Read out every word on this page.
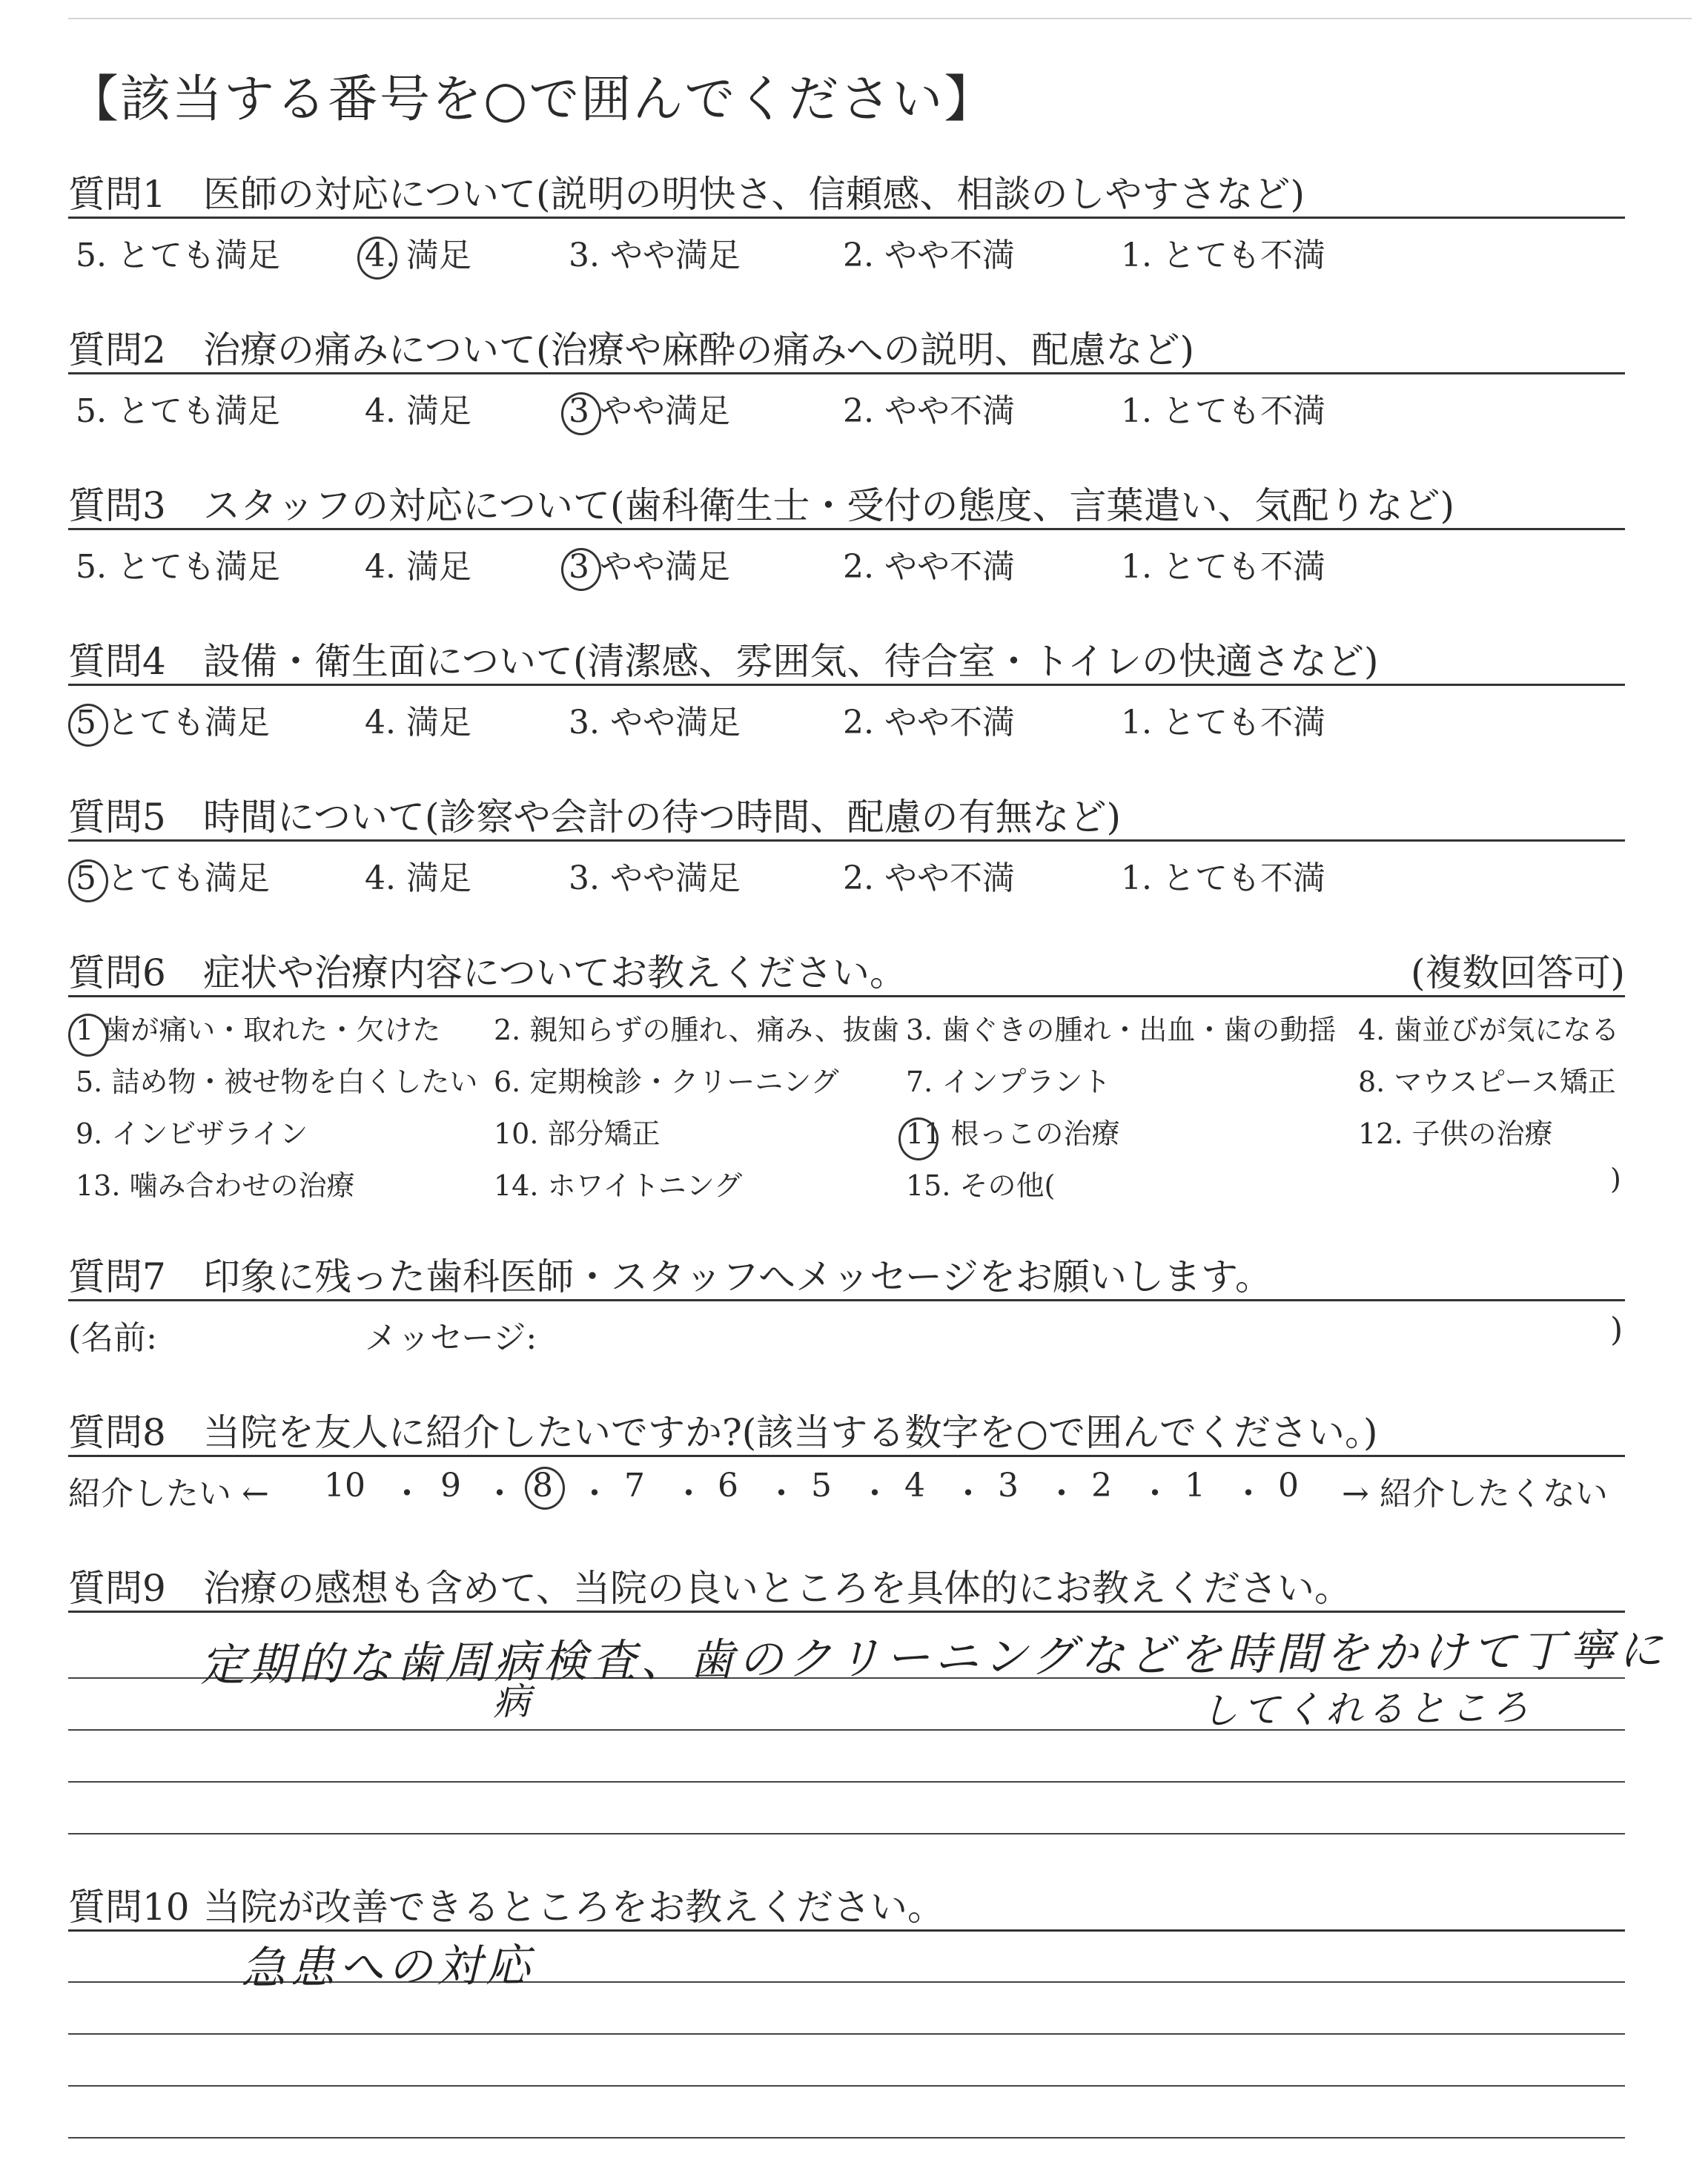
【該当する番号を○で囲んでください】
質問1 医師の対応について(説明の明快さ、信頼感、相談のしやすさなど)
5. とても満足	4. 満足	3. やや満足	2. やや不満	1. とても不満
質問2 治療の痛みについて(治療や麻酔の痛みへの説明、配慮など)
5. とても満足	4. 満足	3 やや満足	2. やや不満	1. とても不満
質問3 スタッフの対応について(歯科衛生士・受付の態度、言葉遣い、気配りなど)
5. とても満足	4. 満足	3 やや満足	2. やや不満	1. とても不満
質問4 設備・衛生面について(清潔感、雰囲気、待合室・トイレの快適さなど)
5 とても満足	4. 満足	3. やや満足	2. やや不満	1. とても不満
質問5 時間について(診察や会計の待つ時間、配慮の有無など)
5 とても満足	4. 満足	3. やや満足	2. やや不満	1. とても不満
質問6 症状や治療内容についてお教えください。	(複数回答可)
1 歯が痛い・取れた・欠けた 2. 親知らずの腫れ、痛み、抜歯 3. 歯ぐきの腫れ・出血・歯の動揺 4. 歯並びが気になる
5. 詰め物・被せ物を白くしたい 6. 定期検診・クリーニング 7. インプラント	8. マウスピース矯正
9. インビザライン	10. 部分矯正	11 根っこの治療	12. 子供の治療
13. 噛み合わせの治療	14. ホワイトニング	15. その他(	)
質問7 印象に残った歯科医師・スタッフへメッセージをお願いします。
(名前:	メッセージ:	)
質問8 当院を友人に紹介したいですか?(該当する数字を○で囲んでください。)
紹介したい ← 10 ・ 9 ・ 8 ・ 7 ・ 6 ・ 5 ・ 4 ・ 3 ・ 2 ・ 1 ・ 0 → 紹介したくない
質問9 治療の感想も含めて、当院の良いところを具体的にお教えください。
定期的な歯周病検査、歯のクリーニングなどを時間をかけて丁寧に
病	してくれるところ
質問10 当院が改善できるところをお教えください。
急患への対応
